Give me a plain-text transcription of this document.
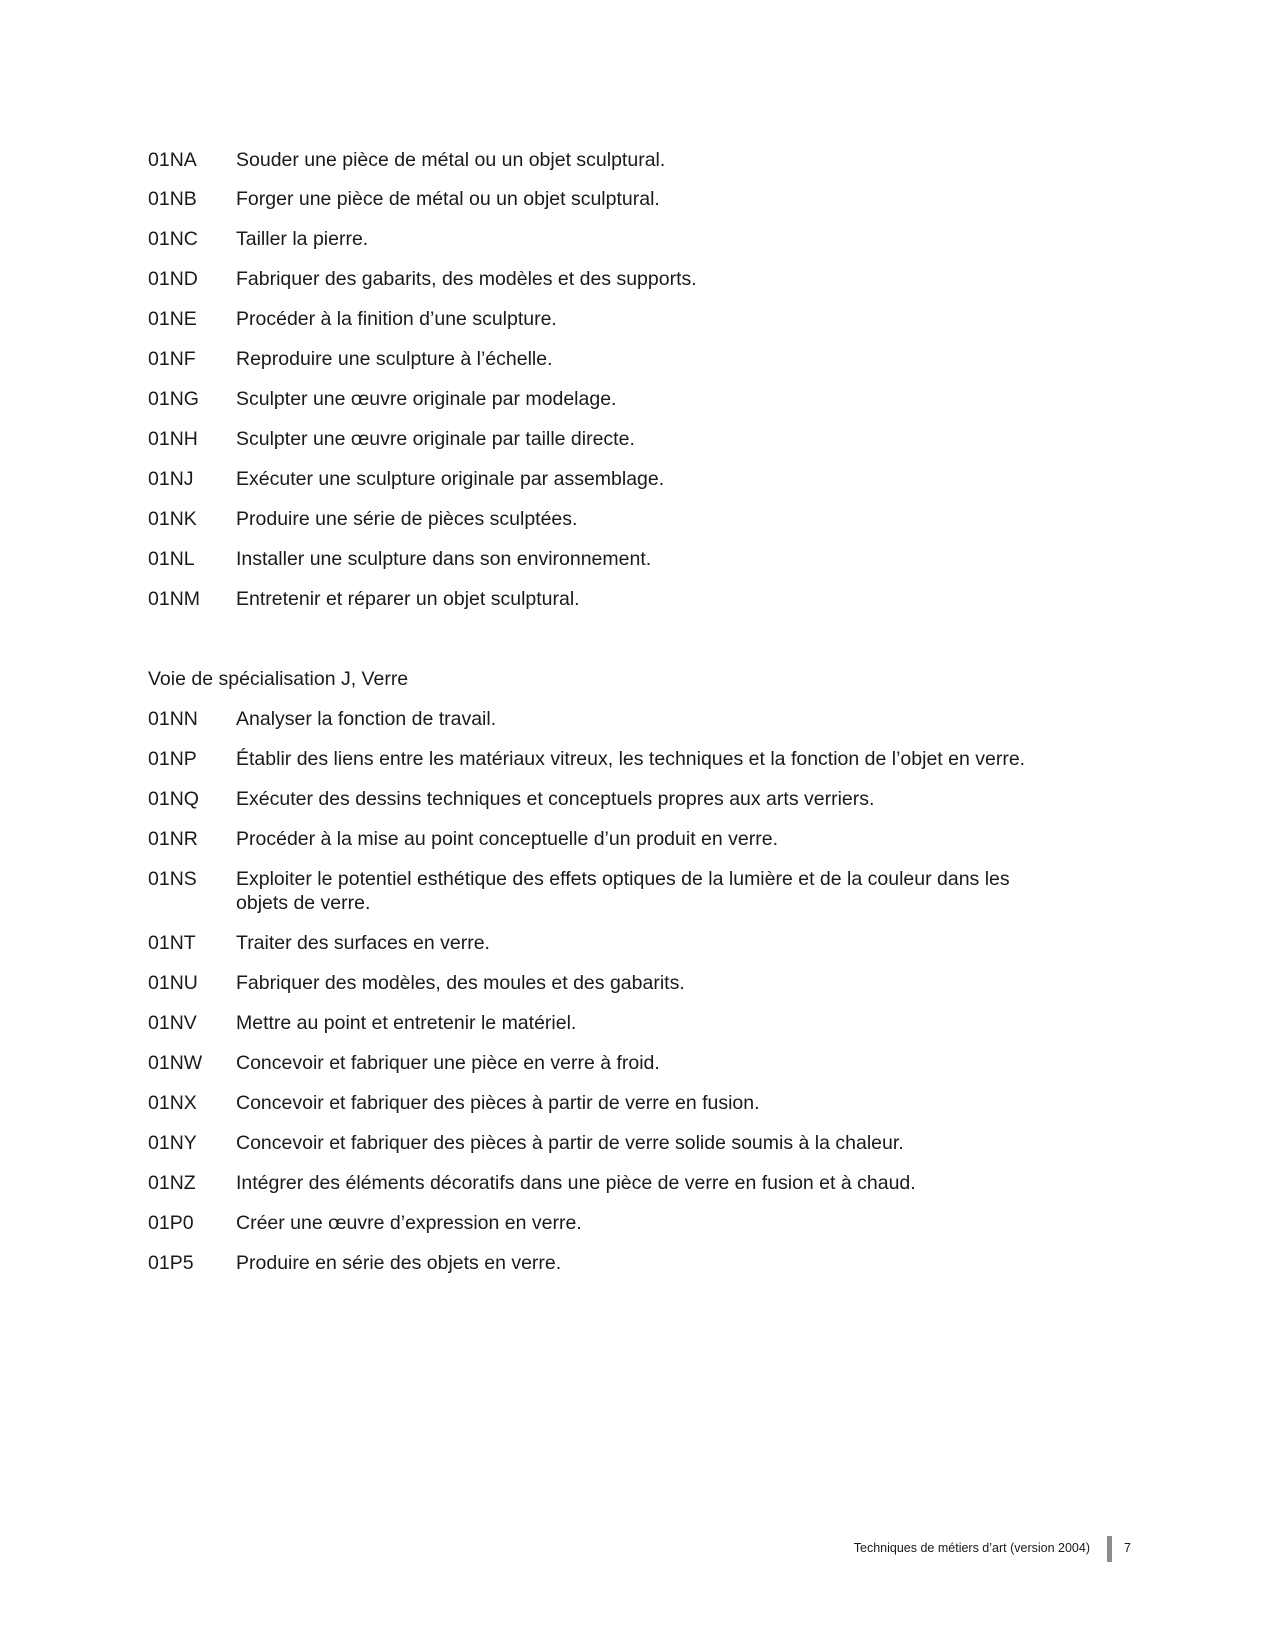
01NA	Souder une pièce de métal ou un objet sculptural.
01NB	Forger une pièce de métal ou un objet sculptural.
01NC	Tailler la pierre.
01ND	Fabriquer des gabarits, des modèles et des supports.
01NE	Procéder à la finition d’une sculpture.
01NF	Reproduire une sculpture à l’échelle.
01NG	Sculpter une œuvre originale par modelage.
01NH	Sculpter une œuvre originale par taille directe.
01NJ	Exécuter une sculpture originale par assemblage.
01NK	Produire une série de pièces sculptées.
01NL	Installer une sculpture dans son environnement.
01NM	Entretenir et réparer un objet sculptural.
Voie de spécialisation J, Verre
01NN	Analyser la fonction de travail.
01NP	Établir des liens entre les matériaux vitreux, les techniques et la fonction de l’objet en verre.
01NQ	Exécuter des dessins techniques et conceptuels propres aux arts verriers.
01NR	Procéder à la mise au point conceptuelle d’un produit en verre.
01NS	Exploiter le potentiel esthétique des effets optiques de la lumière et de la couleur dans les objets de verre.
01NT	Traiter des surfaces en verre.
01NU	Fabriquer des modèles, des moules et des gabarits.
01NV	Mettre au point et entretenir le matériel.
01NW	Concevoir et fabriquer une pièce en verre à froid.
01NX	Concevoir et fabriquer des pièces à partir de verre en fusion.
01NY	Concevoir et fabriquer des pièces à partir de verre solide soumis à la chaleur.
01NZ	Intégrer des éléments décoratifs dans une pièce de verre en fusion et à chaud.
01P0	Créer une œuvre d’expression en verre.
01P5	Produire en série des objets en verre.
Techniques de métiers d’art (version 2004)	7
